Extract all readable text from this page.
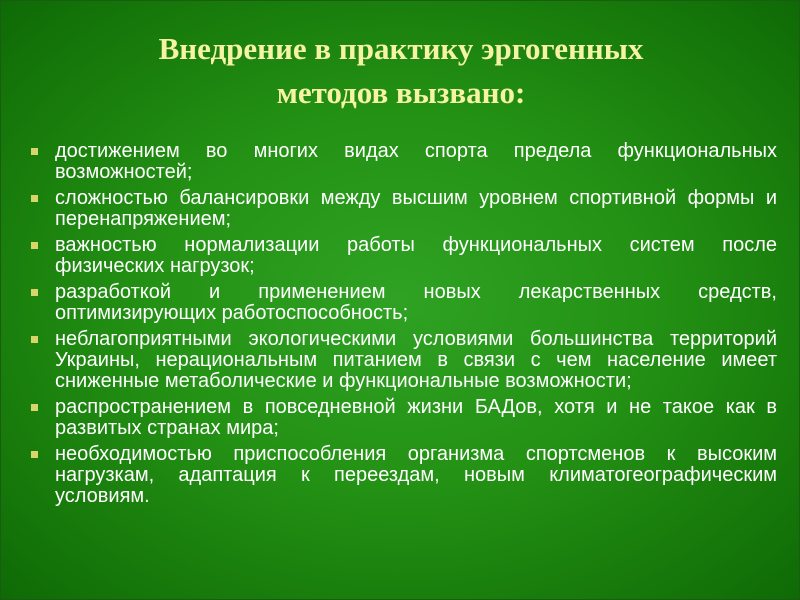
Внедрение в практику эргогенных
методов вызвано:
достижением во многих видах спорта предела функциональных возможностей;
сложностью балансировки между высшим уровнем спортивной формы и перенапряжением;
важностью нормализации работы функциональных систем после физических нагрузок;
разработкой и применением новых лекарственных средств, оптимизирующих работоспособность;
неблагоприятными экологическими условиями большинства территорий Украины, нерациональным питанием в связи с чем население имеет сниженные метаболические и функциональные возможности;
распространением в повседневной жизни БАДов, хотя и не такое как в развитых странах мира;
необходимостью приспособления организма спортсменов к высоким нагрузкам, адаптация к переездам, новым климатогеографическим условиям.
